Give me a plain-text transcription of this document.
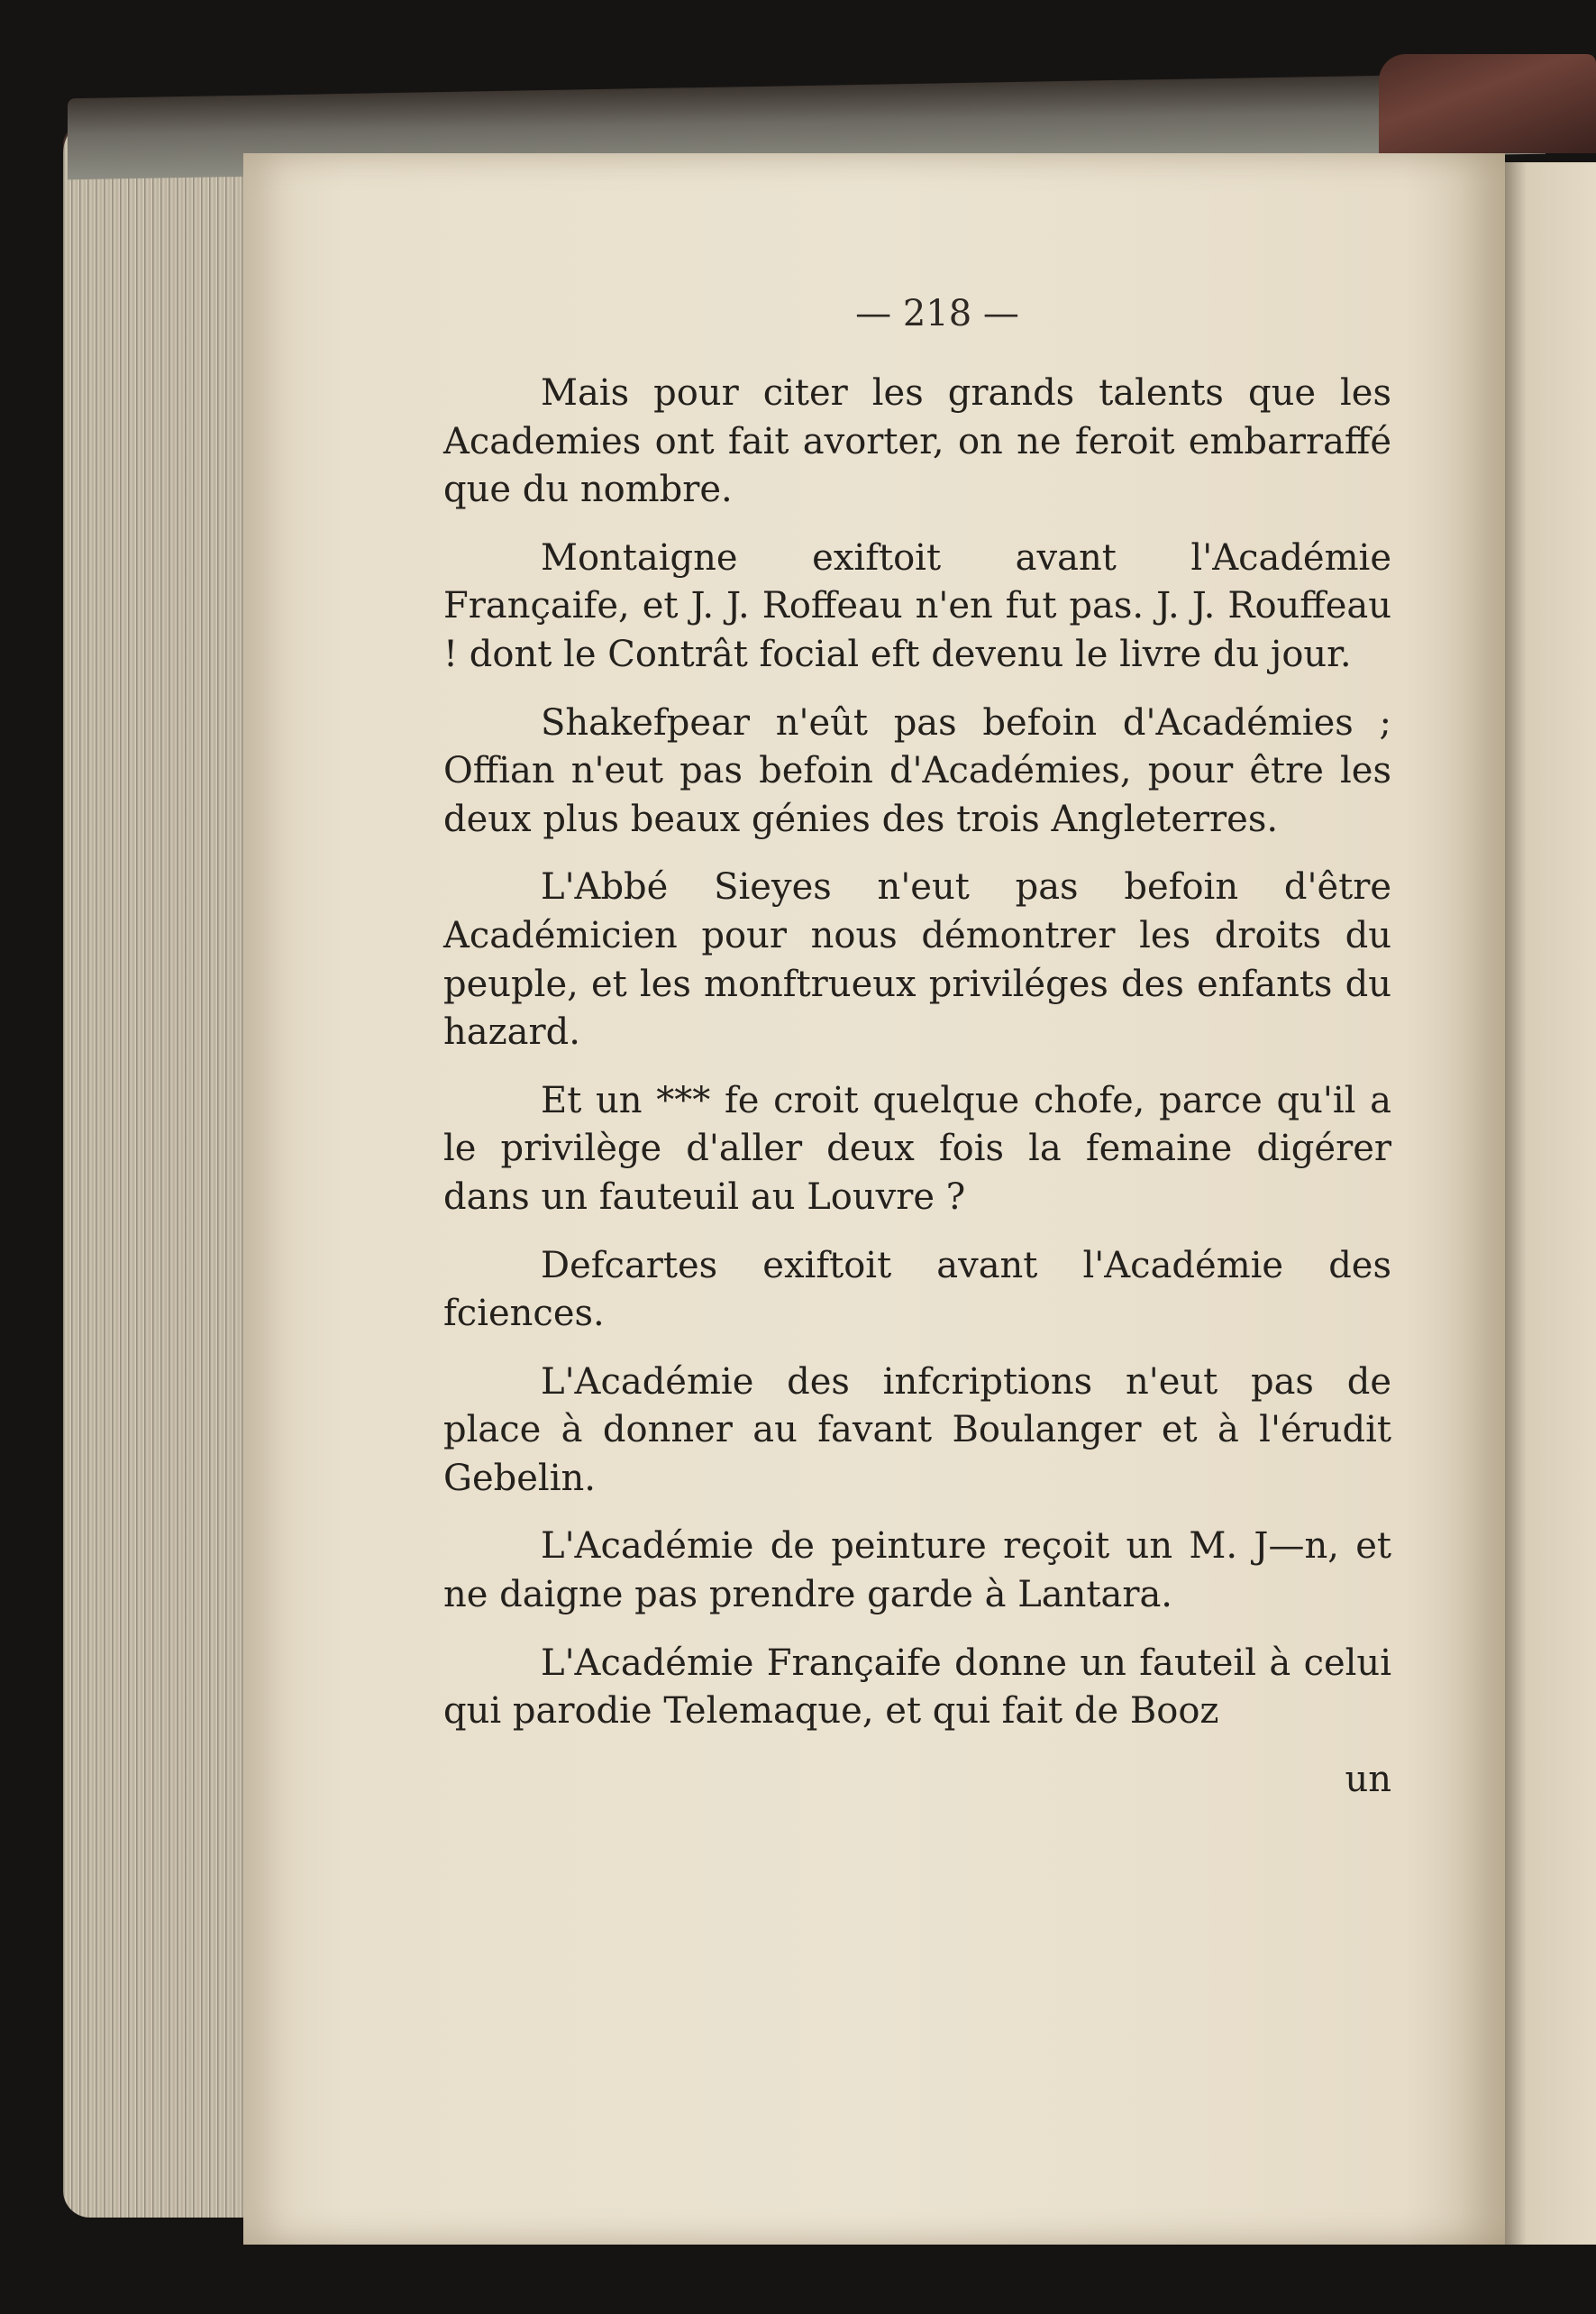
— 218 —

Mais pour citer les grands talents que les Academies ont fait avorter, on ne feroit embarraffé que du nombre.

Montaigne exiftoit avant l'Académie Françaife, et J. J. Roffeau n'en fut pas. J. J. Rouffeau ! dont le Contrât focial eft devenu le livre du jour.

Shakefpear n'eût pas befoin d'Académies ; Offian n'eut pas befoin d'Académies, pour être les deux plus beaux génies des trois Angleterres.

L'Abbé Sieyes n'eut pas befoin d'être Académicien pour nous démontrer les droits du peuple, et les monftrueux priviléges des enfants du hazard.

Et un *** fe croit quelque chofe, parce qu'il a le privilège d'aller deux fois la femaine digérer dans un fauteuil au Louvre ?

Defcartes exiftoit avant l'Académie des fciences.

L'Académie des infcriptions n'eut pas de place à donner au favant Boulanger et à l'érudit Gebelin.

L'Académie de peinture reçoit un M. J—n, et ne daigne pas prendre garde à Lantara.

L'Académie Françaife donne un fauteil à celui qui parodie Telemaque, et qui fait de Booz

un
